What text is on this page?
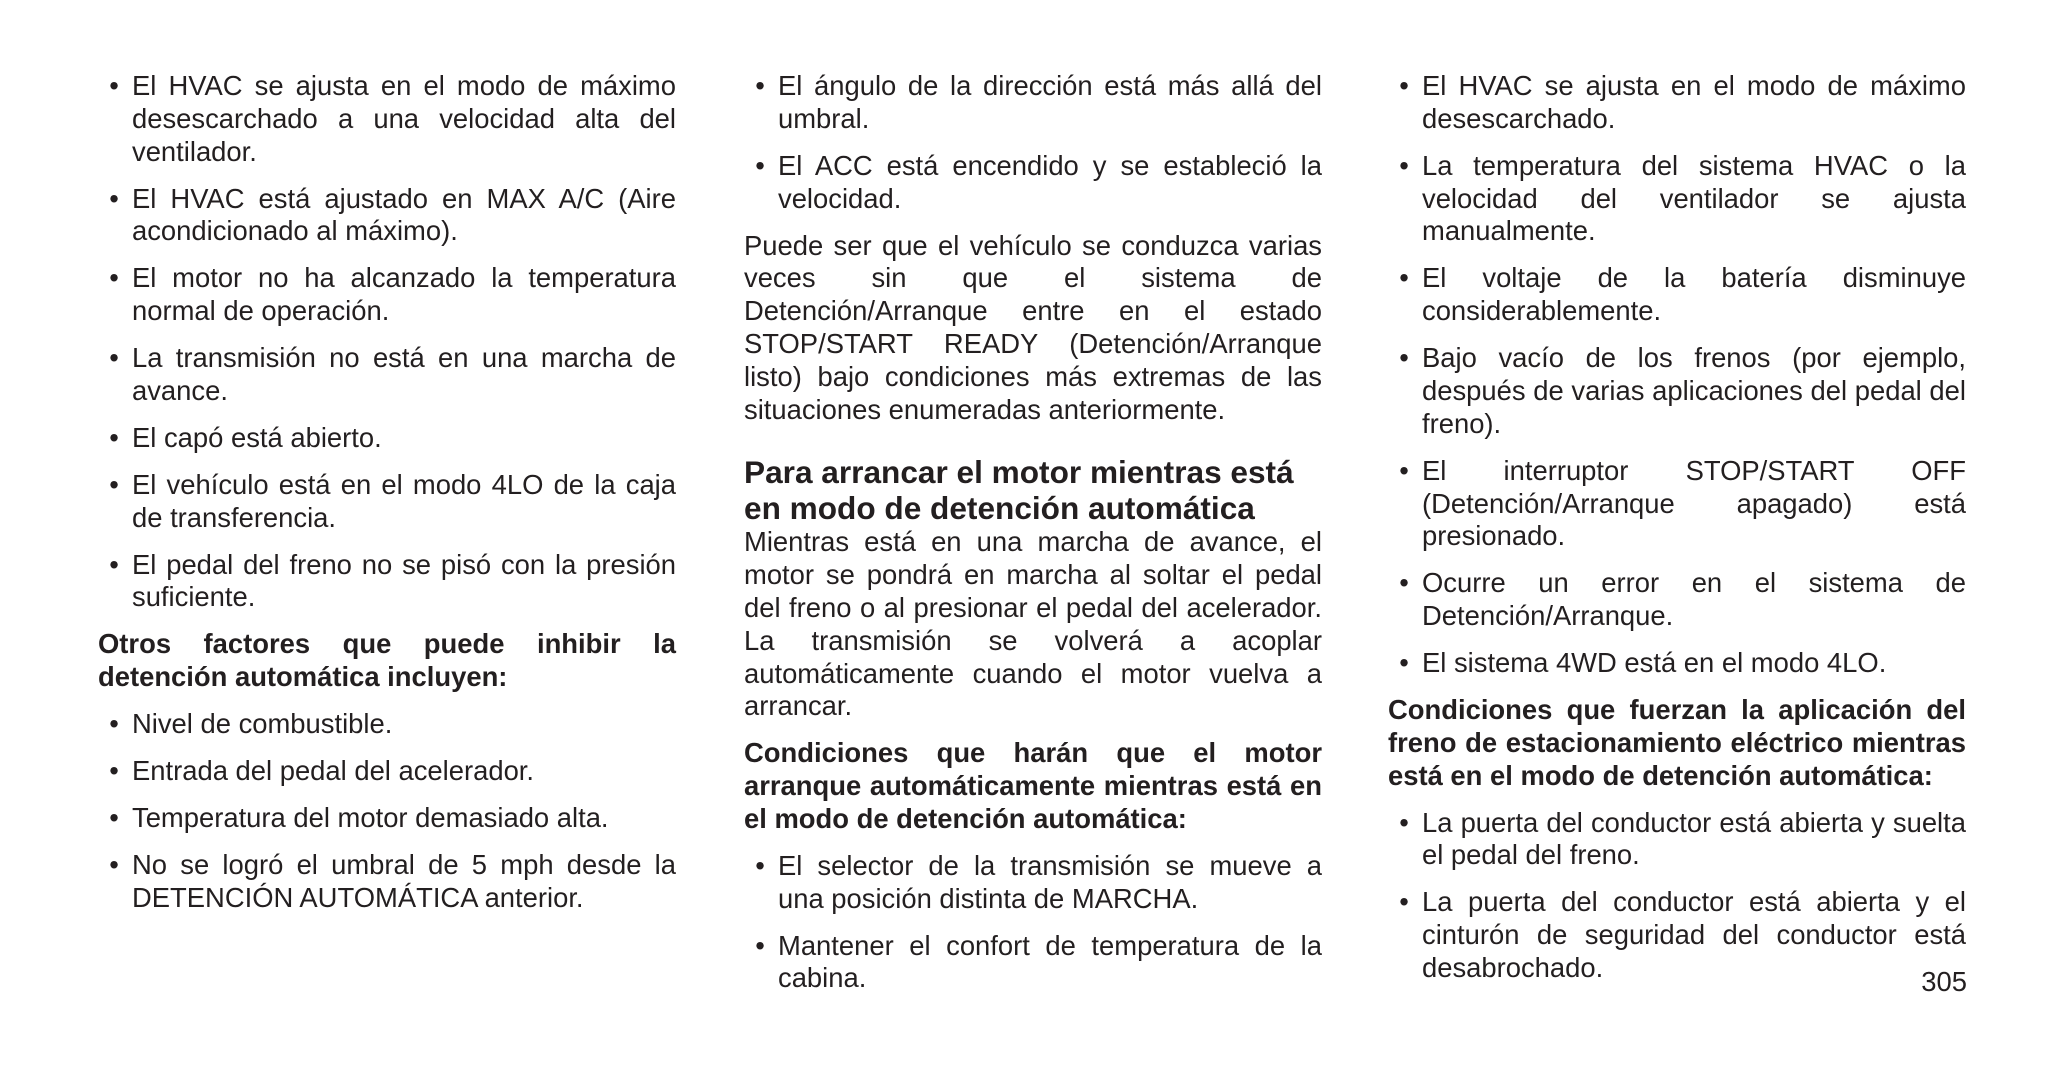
• El HVAC se ajusta en el modo de máximo desescarchado a una velocidad alta del ventilador.
• El HVAC está ajustado en MAX A/C (Aire acondicionado al máximo).
• El motor no ha alcanzado la temperatura normal de operación.
• La transmisión no está en una marcha de avance.
• El capó está abierto.
• El vehículo está en el modo 4LO de la caja de transferencia.
• El pedal del freno no se pisó con la presión suficiente.

Otros factores que puede inhibir la detención automática incluyen:

• Nivel de combustible.
• Entrada del pedal del acelerador.
• Temperatura del motor demasiado alta.
• No se logró el umbral de 5 mph desde la DETENCIÓN AUTOMÁTICA anterior.
• El ángulo de la dirección está más allá del umbral.
• El ACC está encendido y se estableció la velocidad.

Puede ser que el vehículo se conduzca varias veces sin que el sistema de Detención/Arranque entre en el estado STOP/START READY (Detención/Arranque listo) bajo condiciones más extremas de las situaciones enumeradas anteriormente.

Para arrancar el motor mientras está en modo de detención automática

Mientras está en una marcha de avance, el motor se pondrá en marcha al soltar el pedal del freno o al presionar el pedal del acelerador. La transmisión se volverá a acoplar automáticamente cuando el motor vuelva a arrancar.

Condiciones que harán que el motor arranque automáticamente mientras está en el modo de detención automática:

• El selector de la transmisión se mueve a una posición distinta de MARCHA.
• Mantener el confort de temperatura de la cabina.
• El HVAC se ajusta en el modo de máximo desescarchado.
• La temperatura del sistema HVAC o la velocidad del ventilador se ajusta manualmente.
• El voltaje de la batería disminuye considerablemente.
• Bajo vacío de los frenos (por ejemplo, después de varias aplicaciones del pedal del freno).
• El interruptor STOP/START OFF (Detención/Arranque apagado) está presionado.
• Ocurre un error en el sistema de Detención/Arranque.
• El sistema 4WD está en el modo 4LO.

Condiciones que fuerzan la aplicación del freno de estacionamiento eléctrico mientras está en el modo de detención automática:

• La puerta del conductor está abierta y suelta el pedal del freno.
• La puerta del conductor está abierta y el cinturón de seguridad del conductor está desabrochado.	305
